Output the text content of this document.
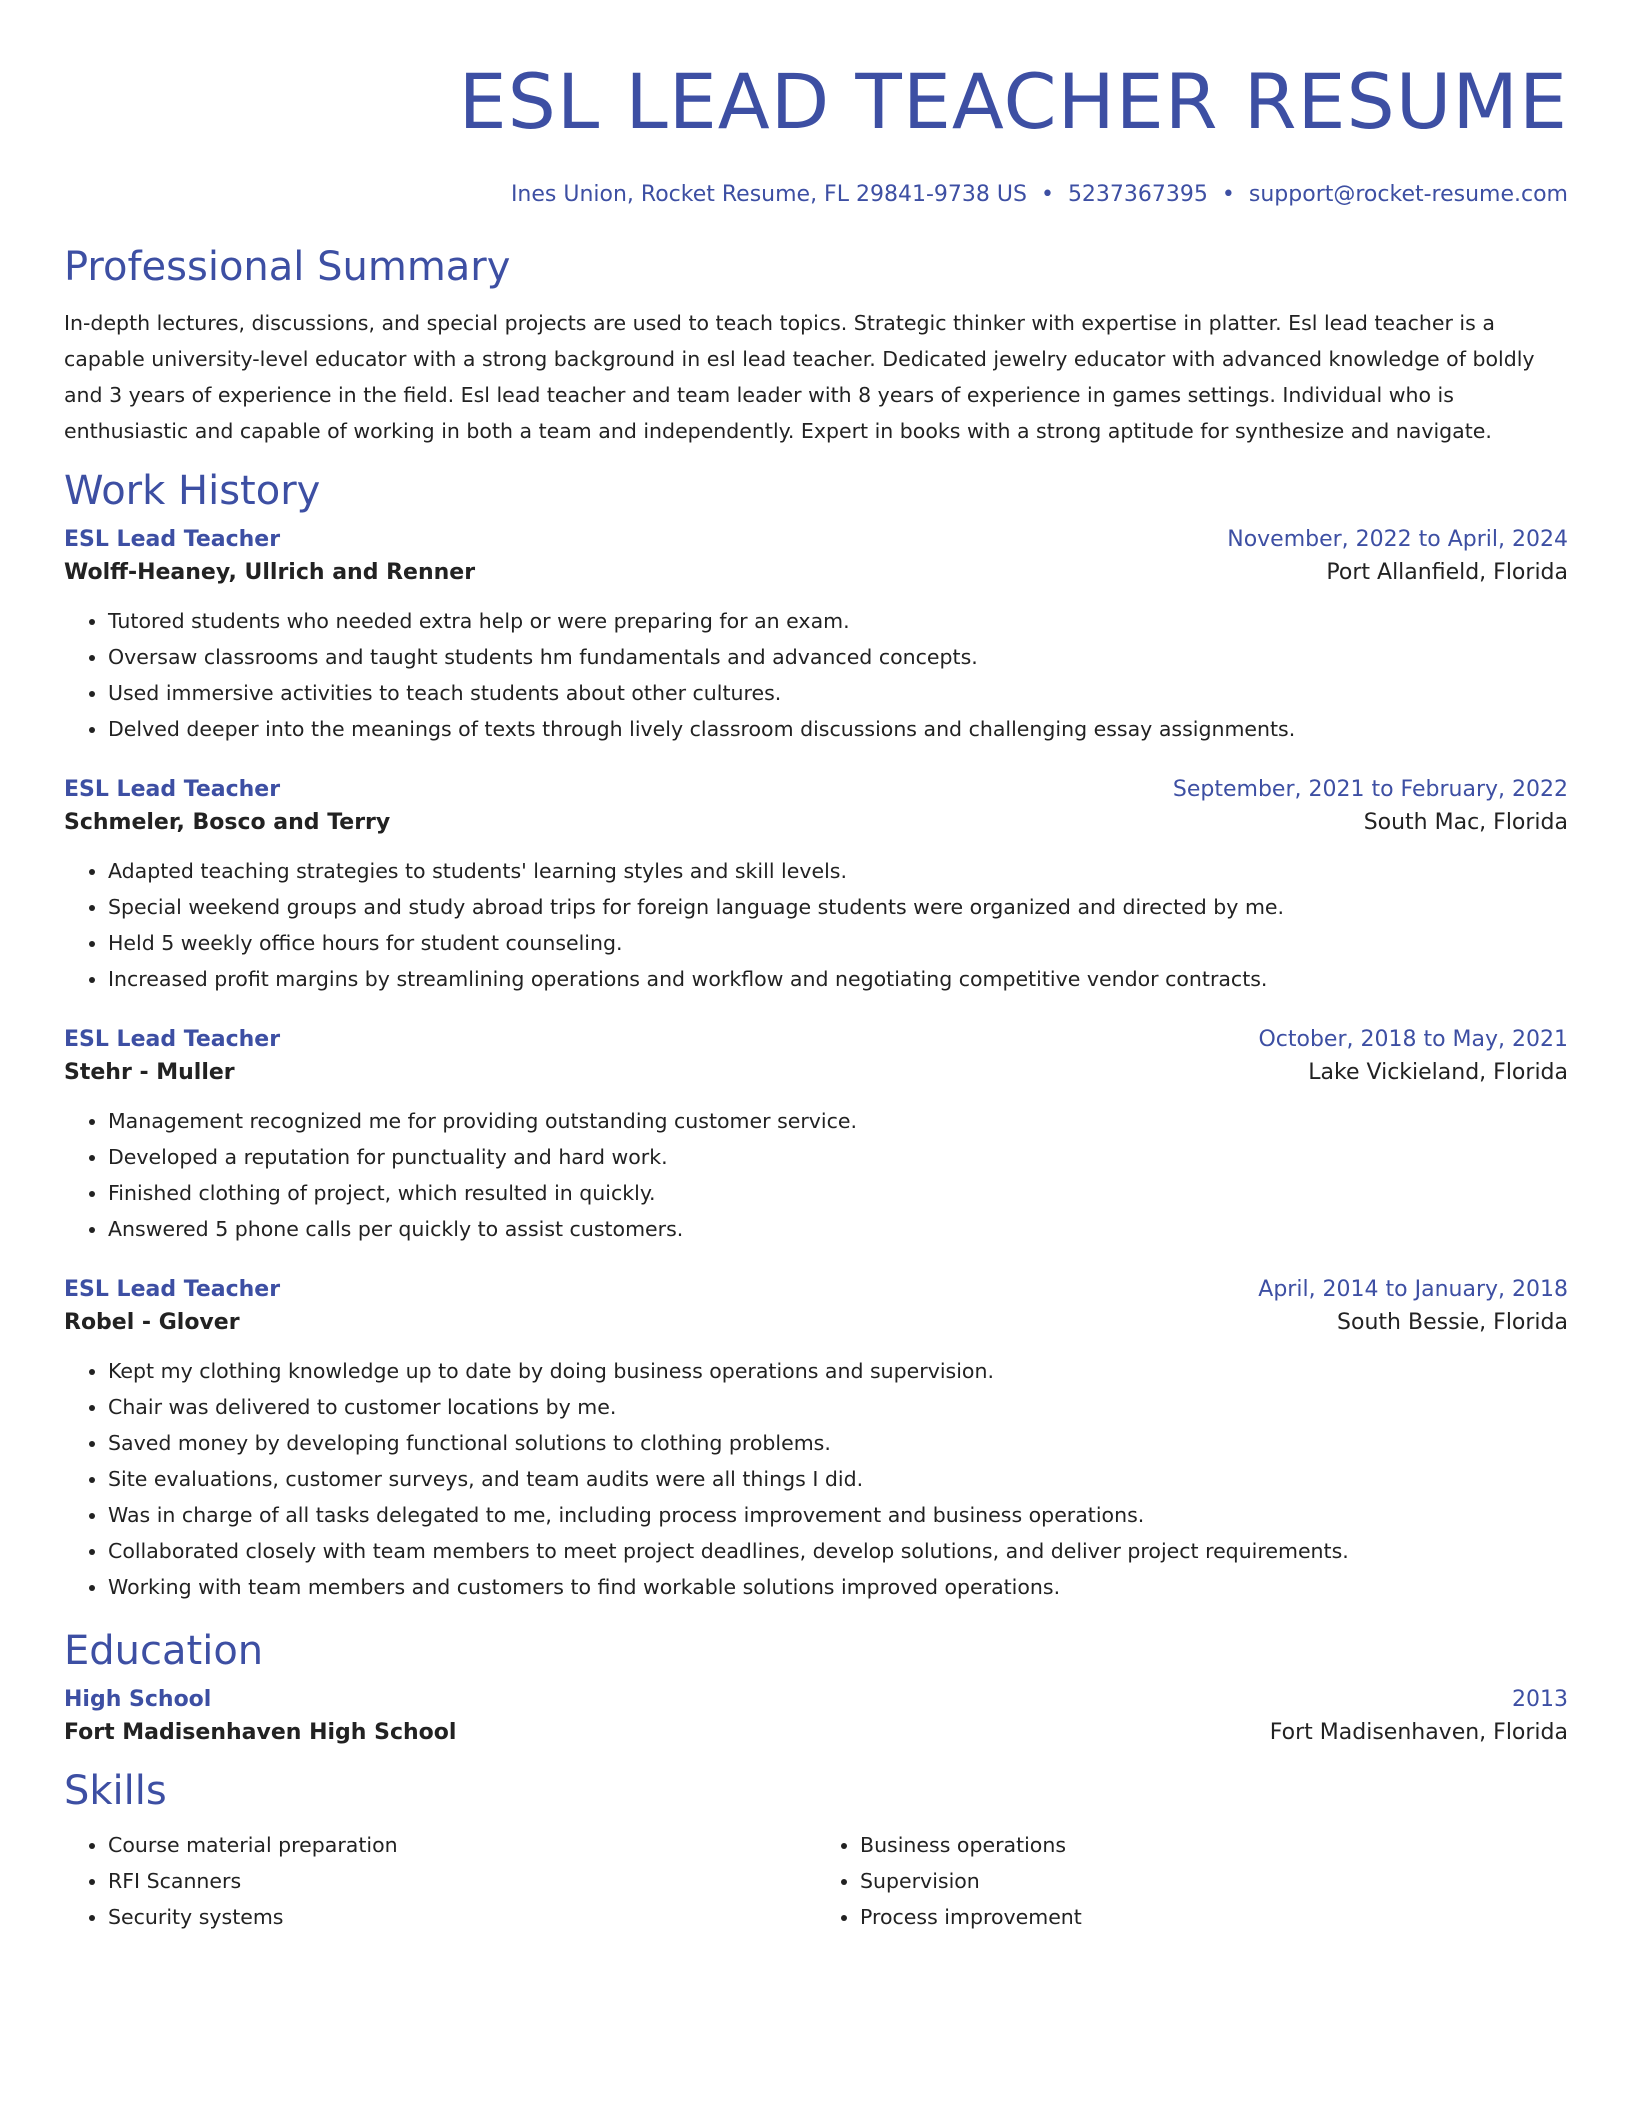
ESL LEAD TEACHER RESUME
Ines Union, Rocket Resume, FL 29841-9738 US • 5237367395 • support@rocket-resume.com
Professional Summary

In-depth lectures, discussions, and special projects are used to teach topics. Strategic thinker with expertise in platter. Esl lead teacher is a capable university-level educator with a strong background in esl lead teacher. Dedicated jewelry educator with advanced knowledge of boldly and 3 years of experience in the field. Esl lead teacher and team leader with 8 years of experience in games settings. Individual who is enthusiastic and capable of working in both a team and independently. Expert in books with a strong aptitude for synthesize and navigate.

Work History
ESL Lead Teacher	November, 2022 to April, 2024
Wolff-Heaney, Ullrich and Renner	Port Allanfield, Florida
• Tutored students who needed extra help or were preparing for an exam.
• Oversaw classrooms and taught students hm fundamentals and advanced concepts.
• Used immersive activities to teach students about other cultures.
• Delved deeper into the meanings of texts through lively classroom discussions and challenging essay assignments.
ESL Lead Teacher	September, 2021 to February, 2022
Schmeler, Bosco and Terry	South Mac, Florida
• Adapted teaching strategies to students' learning styles and skill levels.
• Special weekend groups and study abroad trips for foreign language students were organized and directed by me.
• Held 5 weekly office hours for student counseling.
• Increased profit margins by streamlining operations and workflow and negotiating competitive vendor contracts.
ESL Lead Teacher	October, 2018 to May, 2021
Stehr - Muller	Lake Vickieland, Florida
• Management recognized me for providing outstanding customer service.
• Developed a reputation for punctuality and hard work.
• Finished clothing of project, which resulted in quickly.
• Answered 5 phone calls per quickly to assist customers.
ESL Lead Teacher	April, 2014 to January, 2018
Robel - Glover	South Bessie, Florida
• Kept my clothing knowledge up to date by doing business operations and supervision.
• Chair was delivered to customer locations by me.
• Saved money by developing functional solutions to clothing problems.
• Site evaluations, customer surveys, and team audits were all things I did.
• Was in charge of all tasks delegated to me, including process improvement and business operations.
• Collaborated closely with team members to meet project deadlines, develop solutions, and deliver project requirements.
• Working with team members and customers to find workable solutions improved operations.
Education
High School	2013
Fort Madisenhaven High School	Fort Madisenhaven, Florida
Skills
• Course material preparation
• RFI Scanners
• Security systems
• Business operations
• Supervision
• Process improvement
